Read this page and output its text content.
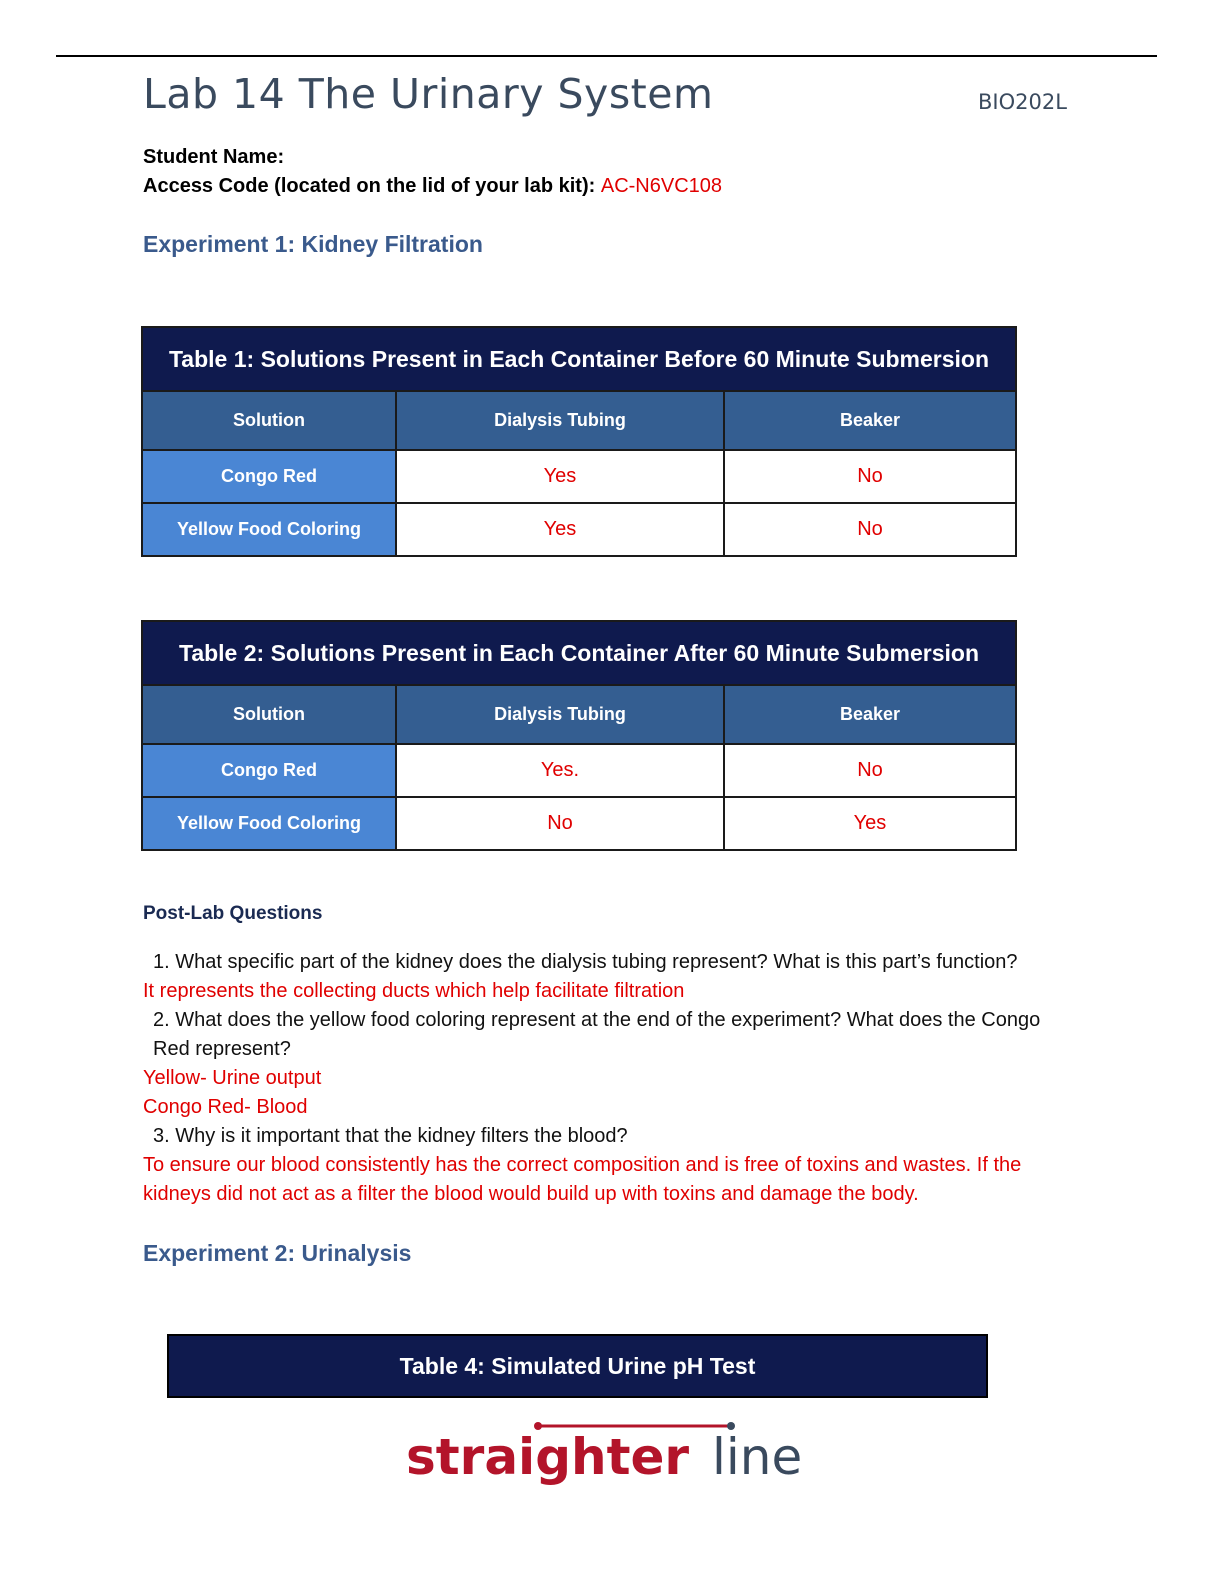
Lab 14 The Urinary System	BIO202L
Student Name:
Access Code (located on the lid of your lab kit): AC-N6VC108
Experiment 1: Kidney Filtration
Table 1: Solutions Present in Each Container Before 60 Minute Submersion		
Solution	Dialysis Tubing	Beaker
Congo Red	Yes	No
Yellow Food Coloring	Yes	No
Table 2: Solutions Present in Each Container After 60 Minute Submersion		
Solution	Dialysis Tubing	Beaker
Congo Red	Yes.	No
Yellow Food Coloring	No	Yes
Post-Lab Questions
1. What specific part of the kidney does the dialysis tubing represent? What is this part’s function?
It represents the collecting ducts which help facilitate filtration
2. What does the yellow food coloring represent at the end of the experiment? What does the Congo Red represent?
Yellow- Urine output
Congo Red- Blood
3. Why is it important that the kidney filters the blood?
To ensure our blood consistently has the correct composition and is free of toxins and wastes. If the kidneys did not act as a filter the blood would build up with toxins and damage the body.
Experiment 2: Urinalysis
Table 4: Simulated Urine pH Test
straighter line
